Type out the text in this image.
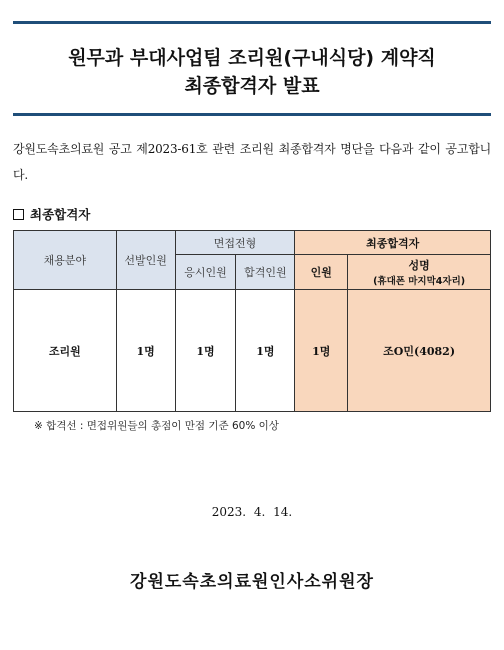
원무과 부대사업팀 조리원(구내식당) 계약직
최종합격자 발표
강원도속초의료원 공고 제2023-61호 관련 조리원 최종합격자 명단을 다음과 같이 공고합니다.
최종합격자
채용분야	선발인원	면접전형		최종합격자	
		응시인원	합격인원	인원	성명
(휴대폰 마지막4자리)

조리원	1명	1명	1명	1명	조O민(4082)
※ 합격선 : 면접위원들의 총점이 만점 기준 60% 이상
2023. 4. 14.
강원도속초의료원인사소위원장
